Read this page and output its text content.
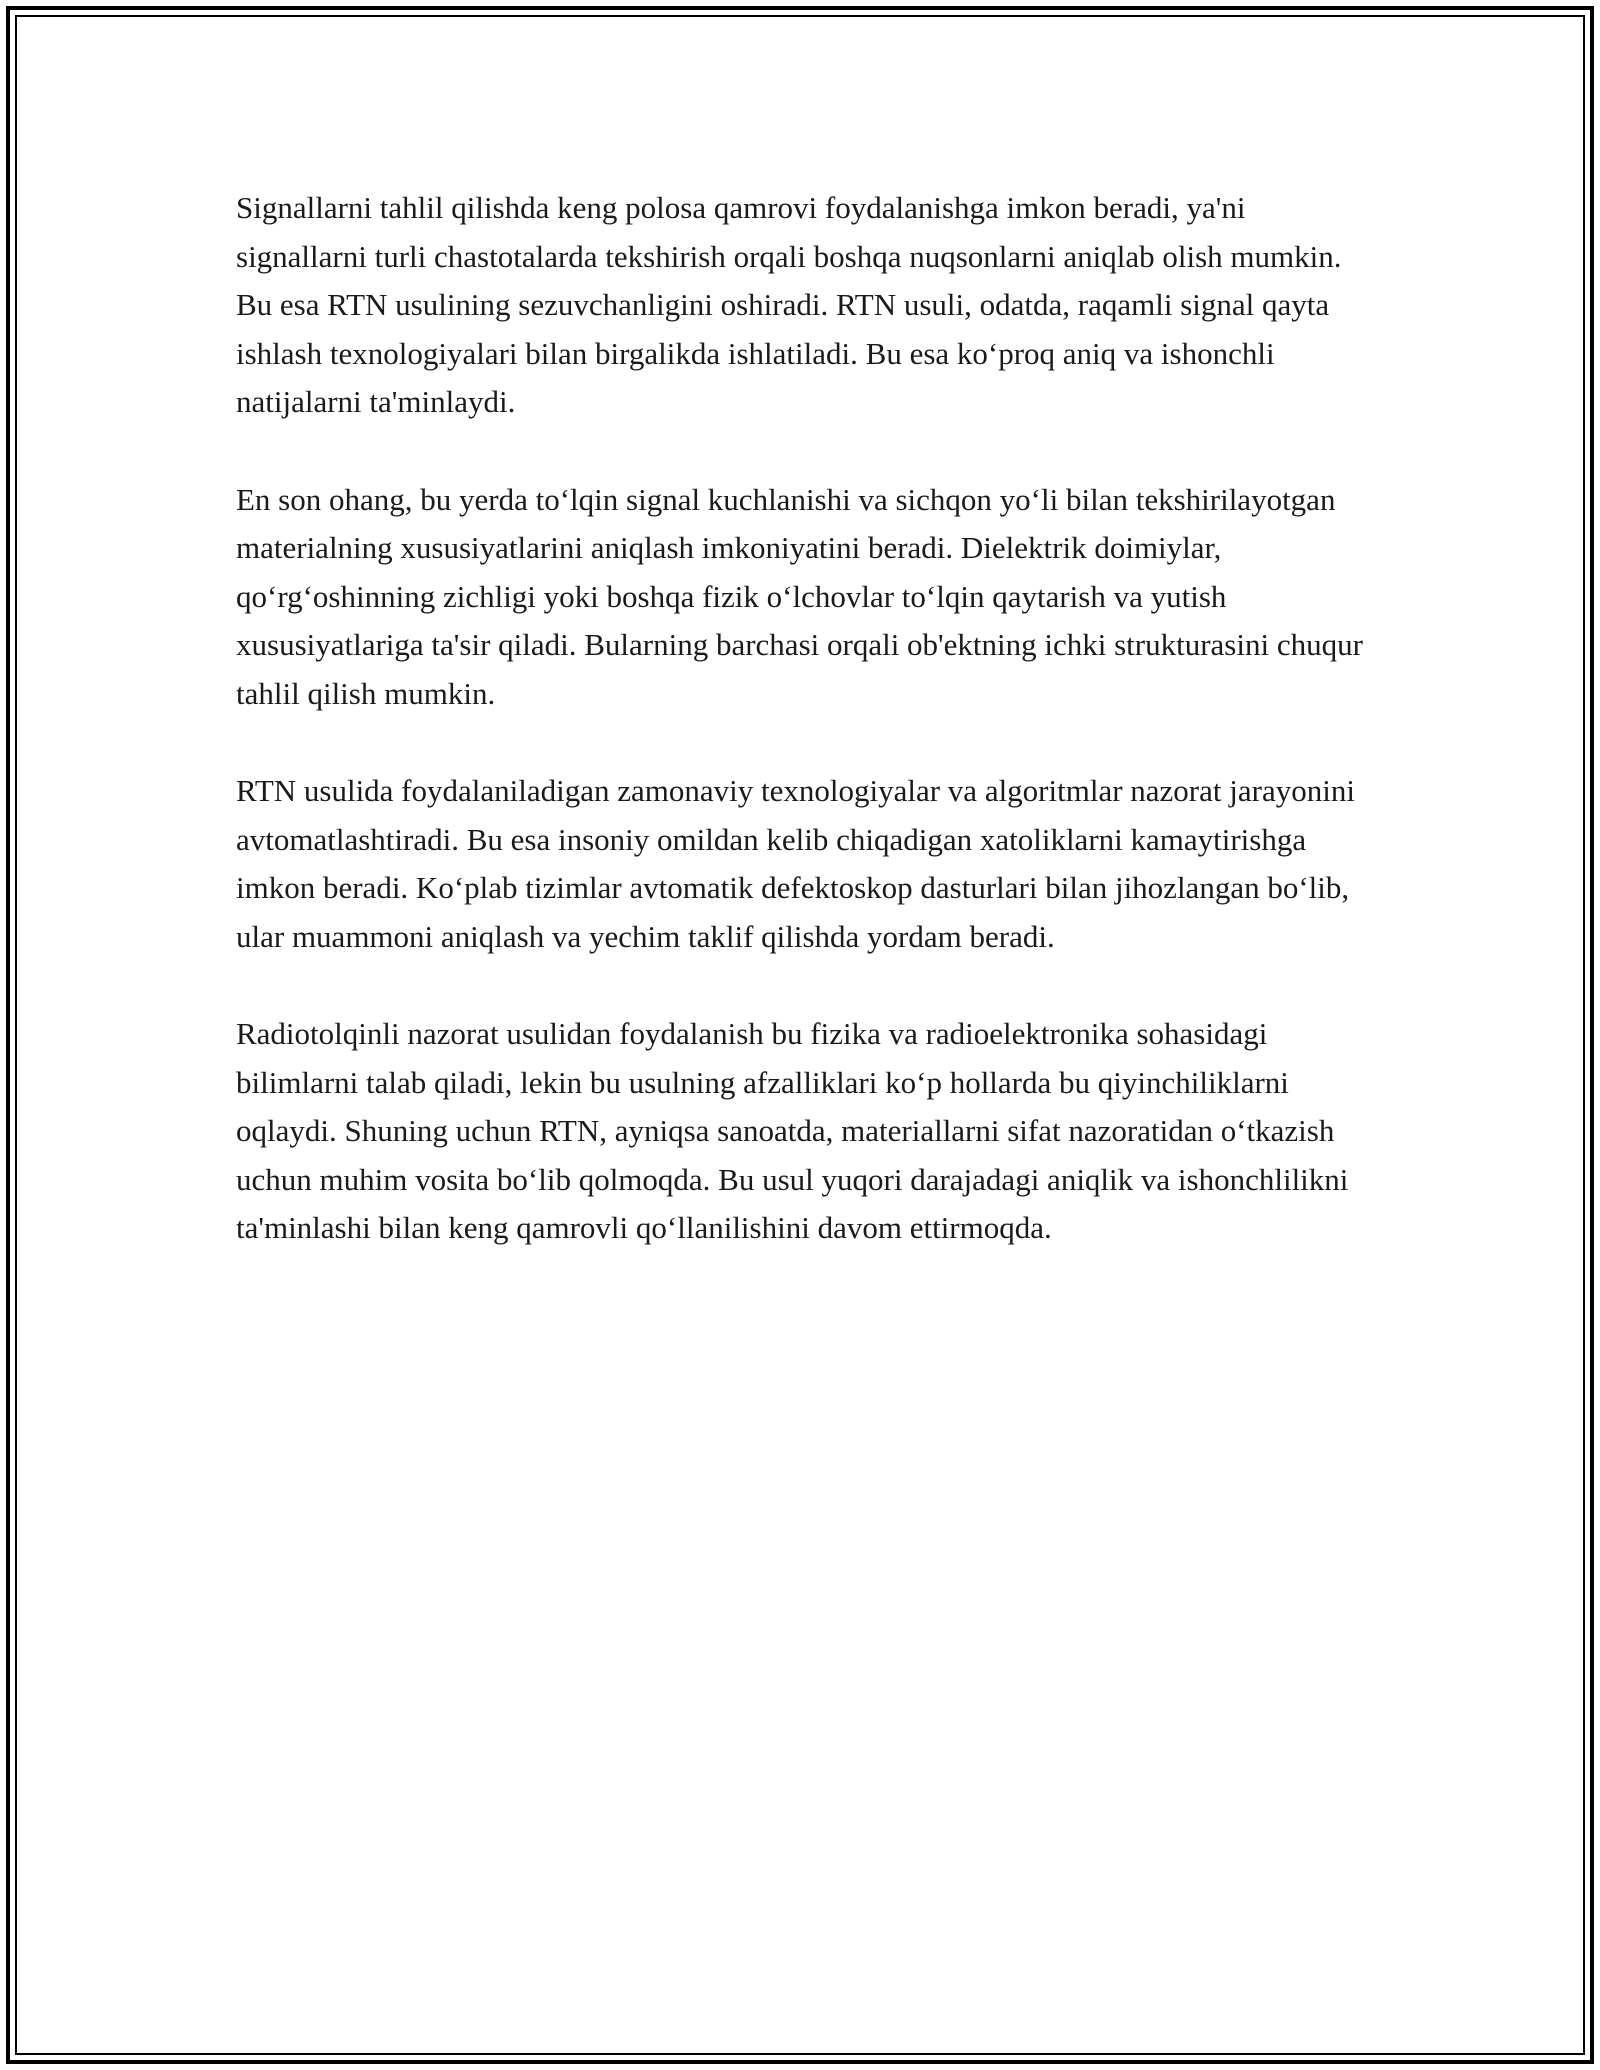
Signallarni tahlil qilishda keng polosa qamrovi foydalanishga imkon beradi, ya'ni signallarni turli chastotalarda tekshirish orqali boshqa nuqsonlarni aniqlab olish mumkin. Bu esa RTN usulining sezuvchanligini oshiradi. RTN usuli, odatda, raqamli signal qayta ishlash texnologiyalari bilan birgalikda ishlatiladi. Bu esa koʻproq aniq va ishonchli natijalarni ta'minlaydi.

En son ohang, bu yerda toʻlqin signal kuchlanishi va sichqon yoʻli bilan tekshirilayotgan materialning xususiyatlarini aniqlash imkoniyatini beradi. Dielektrik doimiylar, qoʻrgʻoshinning zichligi yoki boshqa fizik oʻlchovlar toʻlqin qaytarish va yutish xususiyatlariga ta'sir qiladi. Bularning barchasi orqali ob'ektning ichki strukturasini chuqur tahlil qilish mumkin.

RTN usulida foydalaniladigan zamonaviy texnologiyalar va algoritmlar nazorat jarayonini avtomatlashtiradi. Bu esa insoniy omildan kelib chiqadigan xatoliklarni kamaytirishga imkon beradi. Koʻplab tizimlar avtomatik defektoskop dasturlari bilan jihozlangan boʻlib, ular muammoni aniqlash va yechim taklif qilishda yordam beradi.

Radiotolqinli nazorat usulidan foydalanish bu fizika va radioelektronika sohasidagi bilimlarni talab qiladi, lekin bu usulning afzalliklari koʻp hollarda bu qiyinchiliklarni oqlaydi. Shuning uchun RTN, ayniqsa sanoatda, materiallarni sifat nazoratidan oʻtkazish uchun muhim vosita boʻlib qolmoqda. Bu usul yuqori darajadagi aniqlik va ishonchlilikni ta'minlashi bilan keng qamrovli qoʻllanilishini davom ettirmoqda.
